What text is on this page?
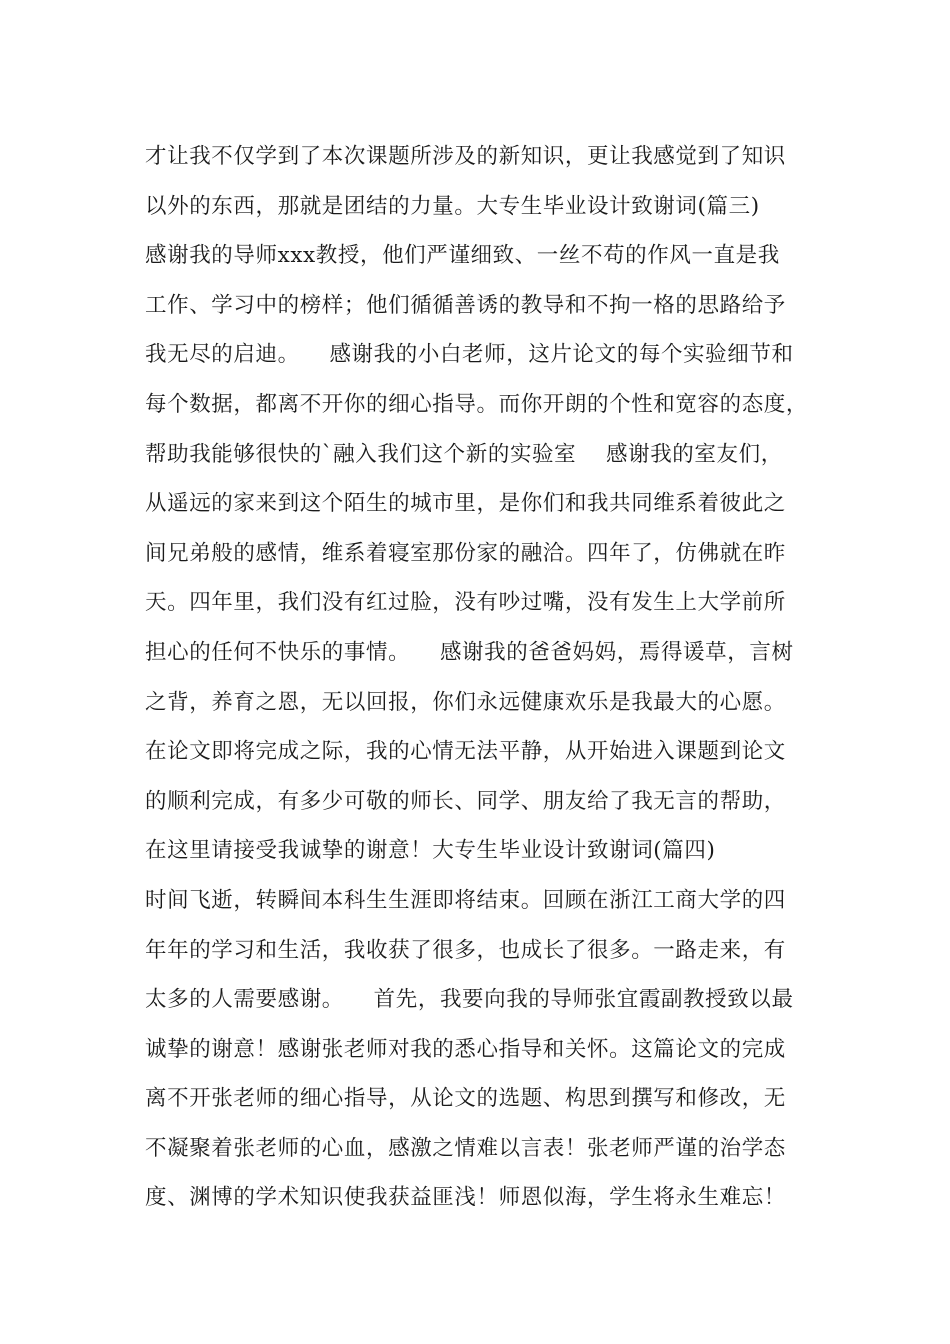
才让我不仅学到了本次课题所涉及的新知识，更让我感觉到了知识
以外的东西，那就是团结的力量。大专生毕业设计致谢词(篇三)
感谢我的导师xxx教授，他们严谨细致、一丝不苟的作风一直是我
工作、学习中的榜样；他们循循善诱的教导和不拘一格的思路给予
我无尽的启迪。    感谢我的小白老师，这片论文的每个实验细节和
每个数据，都离不开你的细心指导。而你开朗的个性和宽容的态度，
帮助我能够很快的`融入我们这个新的实验室    感谢我的室友们，
从遥远的家来到这个陌生的城市里，是你们和我共同维系着彼此之
间兄弟般的感情，维系着寝室那份家的融洽。四年了，仿佛就在昨
天。四年里，我们没有红过脸，没有吵过嘴，没有发生上大学前所
担心的任何不快乐的事情。    感谢我的爸爸妈妈，焉得谖草，言树
之背，养育之恩，无以回报，你们永远健康欢乐是我最大的心愿。
在论文即将完成之际，我的心情无法平静，从开始进入课题到论文
的顺利完成，有多少可敬的师长、同学、朋友给了我无言的帮助，
在这里请接受我诚挚的谢意！大专生毕业设计致谢词(篇四)
时间飞逝，转瞬间本科生生涯即将结束。回顾在浙江工商大学的四
年年的学习和生活，我收获了很多，也成长了很多。一路走来，有
太多的人需要感谢。    首先，我要向我的导师张宜霞副教授致以最
诚挚的谢意！感谢张老师对我的悉心指导和关怀。这篇论文的完成
离不开张老师的细心指导，从论文的选题、构思到撰写和修改，无
不凝聚着张老师的心血，感激之情难以言表！张老师严谨的治学态
度、渊博的学术知识使我获益匪浅！师恩似海，学生将永生难忘！
